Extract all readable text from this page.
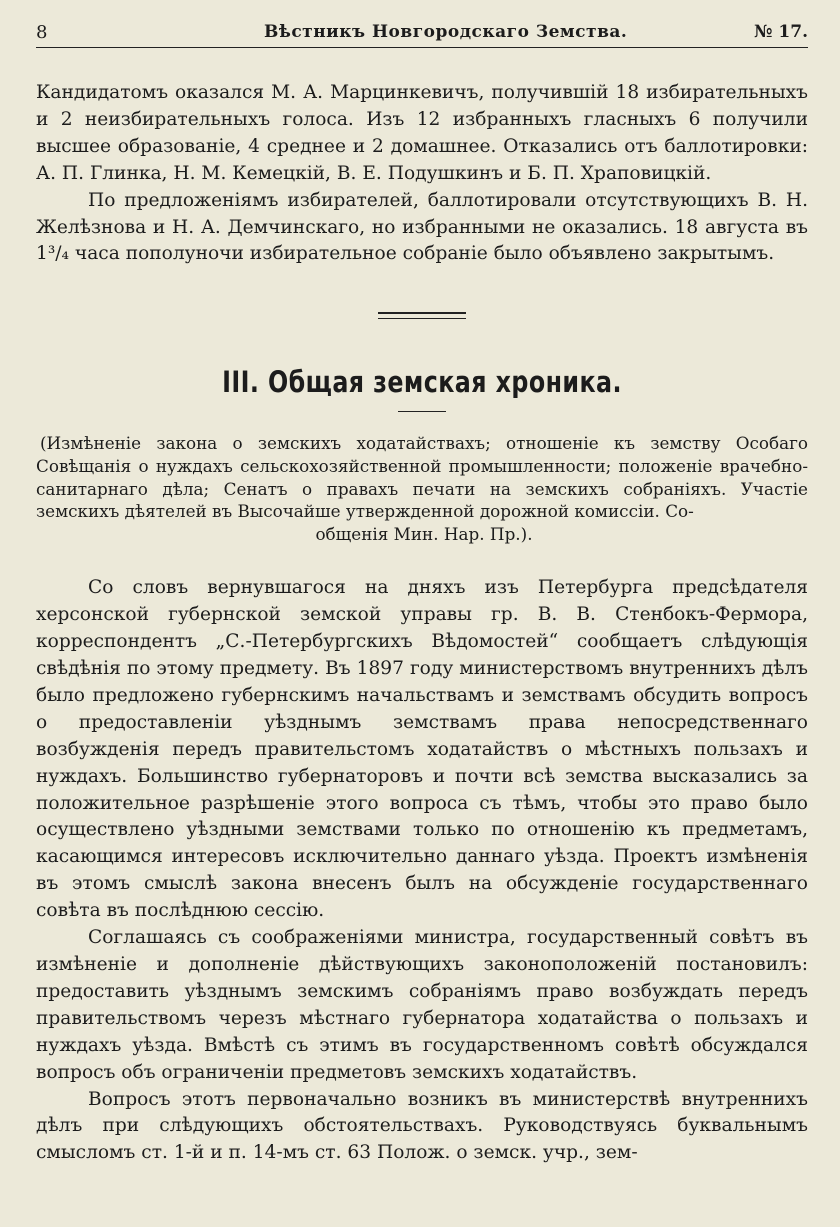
8	Вѣстникъ Новгородскаго Земства.	№ 17.

Кандидатомъ оказался М. А. Марцинкевичъ, получившій 18 избирательныхъ и 2 неизбирательныхъ голоса. Изъ 12 избранныхъ гласныхъ 6 получили высшее образованіе, 4 среднее и 2 домашнее. Отказались отъ баллотировки: А. П. Глинка, Н. М. Кемецкій, В. Е. Подушкинъ и Б. П. Храповицкій.

По предложеніямъ избирателей, баллотировали отсутствующихъ В. Н. Желѣзнова и Н. А. Демчинскаго, но избранными не оказались. 18 августа въ 1³/₄ часа пополуночи избирательное собраніе было объявлено закрытымъ.

III. Общая земская хроника.

(Измѣненіе закона о земскихъ ходатайствахъ; отношеніе къ земству Особаго Совѣщанія о нуждахъ сельскохозяйственной промышленности; положеніе врачебно-санитарнаго дѣла; Сенатъ о правахъ печати на земскихъ собраніяхъ. Участіе земскихъ дѣятелей въ Высочайше утвержденной дорожной комиссіи. Со-
общенія Мин. Нар. Пр.).

Со словъ вернувшагося на дняхъ изъ Петербурга предсѣдателя херсонской губернской земской управы гр. В. В. Стенбокъ-Фермора, корреспондентъ „С.-Петербургскихъ Вѣдомостей“ сообщаетъ слѣдующія свѣдѣнія по этому предмету. Въ 1897 году министерствомъ внутреннихъ дѣлъ было предложено губернскимъ начальствамъ и земствамъ обсудить вопросъ о предоставленіи уѣзднымъ земствамъ права непосредственнаго возбужденія передъ правительстомъ ходатайствъ о мѣстныхъ пользахъ и нуждахъ. Большинство губернаторовъ и почти всѣ земства высказались за положительное разрѣшеніе этого вопроса съ тѣмъ, чтобы это право было осуществлено уѣздными земствами только по отношенію къ предметамъ, касающимся интересовъ исключительно даннаго уѣзда. Проектъ измѣненія въ этомъ смыслѣ закона внесенъ былъ на обсужденіе государственнаго совѣта въ послѣднюю сессію.

Соглашаясь съ соображеніями министра, государственный совѣтъ въ измѣненіе и дополненіе дѣйствующихъ законоположеній постановилъ: предоставить уѣзднымъ земскимъ собраніямъ право возбуждать передъ правительствомъ черезъ мѣстнаго губернатора ходатайства о пользахъ и нуждахъ уѣзда. Вмѣстѣ съ этимъ въ государственномъ совѣтѣ обсуждался вопросъ объ ограниченіи предметовъ земскихъ ходатайствъ.

Вопросъ этотъ первоначально возникъ въ министерствѣ внутреннихъ дѣлъ при слѣдующихъ обстоятельствахъ. Руководствуясь буквальнымъ смысломъ ст. 1-й и п. 14-мъ ст. 63 Полож. о земск. учр., зем-
